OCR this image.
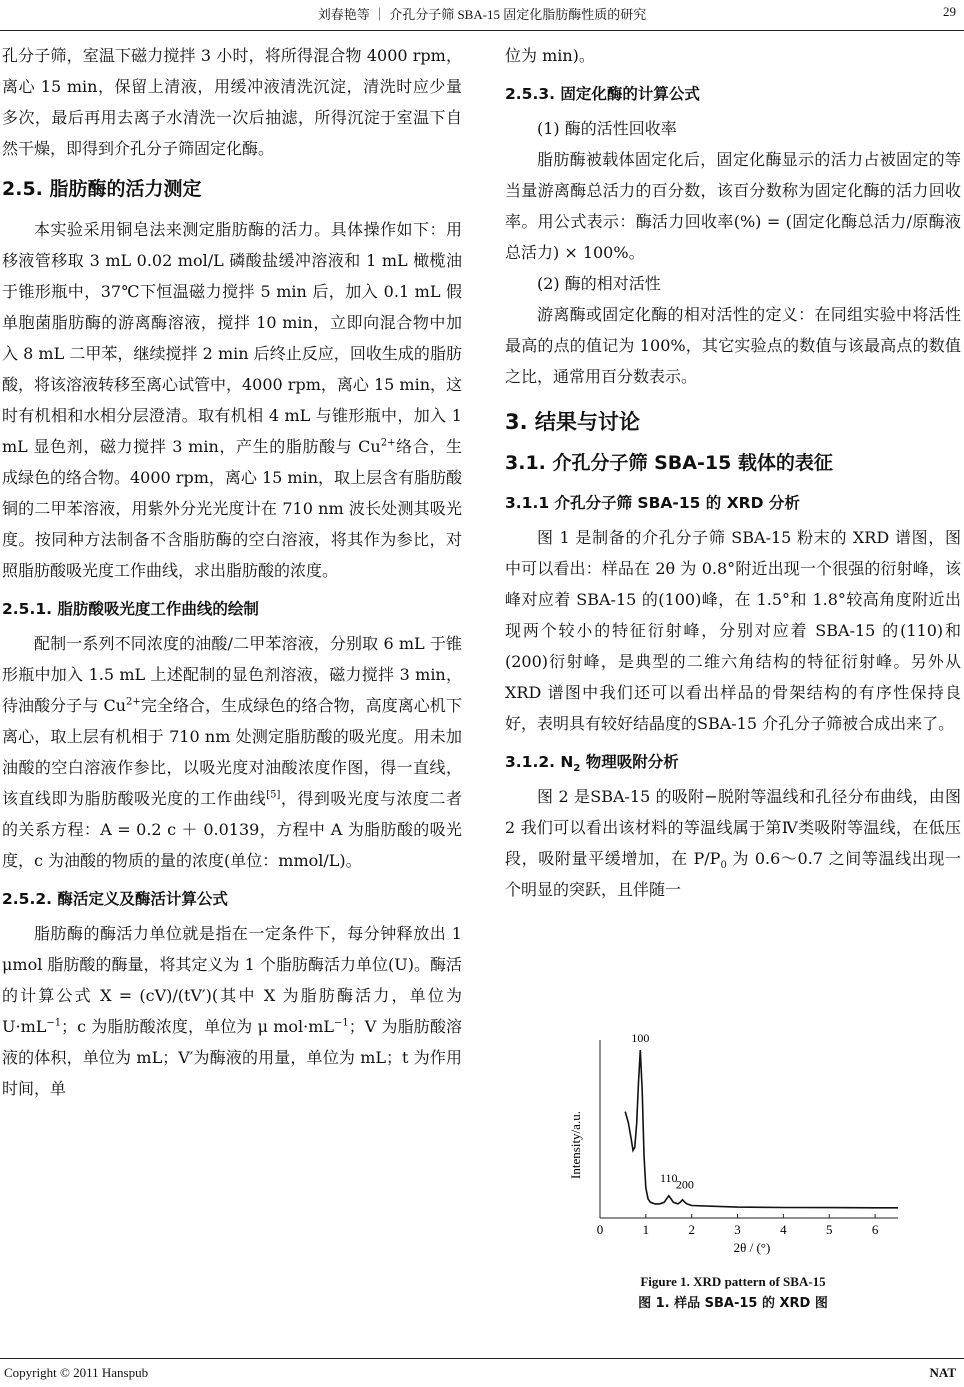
刘春艳等 ｜ 介孔分子筛 SBA-15 固定化脂肪酶性质的研究	29

孔分子筛，室温下磁力搅拌 3 小时，将所得混合物 4000 rpm，离心 15 min，保留上清液，用缓冲液清洗沉淀，清洗时应少量多次，最后再用去离子水清洗一次后抽滤，所得沉淀于室温下自然干燥，即得到介孔分子筛固定化酶。

2.5. 脂肪酶的活力测定

本实验采用铜皂法来测定脂肪酶的活力。具体操作如下：用移液管移取 3 mL 0.02 mol/L 磷酸盐缓冲溶液和 1 mL 橄榄油于锥形瓶中，37℃下恒温磁力搅拌 5 min 后，加入 0.1 mL 假单胞菌脂肪酶的游离酶溶液，搅拌 10 min，立即向混合物中加入 8 mL 二甲苯，继续搅拌 2 min 后终止反应，回收生成的脂肪酸，将该溶液转移至离心试管中，4000 rpm，离心 15 min，这时有机相和水相分层澄清。取有机相 4 mL 与锥形瓶中，加入 1 mL 显色剂，磁力搅拌 3 min，产生的脂肪酸与 $Cu^{2+}$络合，生成绿色的络合物。4000 rpm，离心 15 min，取上层含有脂肪酸铜的二甲苯溶液，用紫外分光光度计在 710 nm 波长处测其吸光度。按同种方法制备不含脂肪酶的空白溶液，将其作为参比，对照脂肪酸吸光度工作曲线，求出脂肪酸的浓度。

2.5.1. 脂肪酸吸光度工作曲线的绘制

配制一系列不同浓度的油酸/二甲苯溶液，分别取 6 mL 于锥形瓶中加入 1.5 mL 上述配制的显色剂溶液，磁力搅拌 3 min，待油酸分子与 $Cu^{2+}$完全络合，生成绿色的络合物，高度离心机下离心，取上层有机相于 710 nm 处测定脂肪酸的吸光度。用未加油酸的空白溶液作参比，以吸光度对油酸浓度作图，得一直线，该直线即为脂肪酸吸光度的工作曲线[5]，得到吸光度与浓度二者的关系方程：A = 0.2 c ＋ 0.0139，方程中 A 为脂肪酸的吸光度，c 为油酸的物质的量的浓度(单位：mmol/L)。

2.5.2. 酶活定义及酶活计算公式

脂肪酶的酶活力单位就是指在一定条件下，每分钟释放出 1 μmol 脂肪酸的酶量，将其定义为 1 个脂肪酶活力单位(U)。酶活的计算公式 X = (cV)/(tV′)(其中 X 为脂肪酶活力，单位为 $U\cdot mL^{-1}$；c 为脂肪酸浓度，单位为 μ $mol\cdot mL^{-1}$；V 为脂肪酸溶液的体积，单位为 mL；V′为酶液的用量，单位为 mL；t 为作用时间，单

位为 min)。

2.5.3. 固定化酶的计算公式

(1) 酶的活性回收率

脂肪酶被载体固定化后，固定化酶显示的活力占被固定的等当量游离酶总活力的百分数，该百分数称为固定化酶的活力回收率。用公式表示：酶活力回收率(%) = (固定化酶总活力/原酶液总活力) × 100%。

(2) 酶的相对活性

游离酶或固定化酶的相对活性的定义：在同组实验中将活性最高的点的值记为 100%，其它实验点的数值与该最高点的数值之比，通常用百分数表示。

3. 结果与讨论
3.1. 介孔分子筛 SBA-15 载体的表征
3.1.1 介孔分子筛 SBA-15 的 XRD 分析

图 1 是制备的介孔分子筛 SBA-15 粉末的 XRD 谱图，图中可以看出：样品在 2θ 为 0.8°附近出现一个很强的衍射峰，该峰对应着 SBA-15 的(100)峰，在 1.5°和 1.8°较高角度附近出现两个较小的特征衍射峰，分别对应着 SBA-15 的(110)和(200)衍射峰，是典型的二维六角结构的特征衍射峰。另外从 XRD 谱图中我们还可以看出样品的骨架结构的有序性保持良好，表明具有较好结晶度的SBA-15 介孔分子筛被合成出来了。

3.1.2. $N_2$ 物理吸附分析

图 2 是SBA-15 的吸附−脱附等温线和孔径分布曲线，由图 2 我们可以看出该材料的等温线属于第Ⅳ类吸附等温线，在低压段，吸附量平缓增加，在 $P/P_0$ 为 0.6～0.7 之间等温线出现一个明显的突跃，且伴随一

0	1	2	3	4	5	6
100
110
200
Intensity/a.u.
2θ / (°)
Figure 1. XRD pattern of SBA-15
图 1. 样品 SBA-15 的 XRD 图
Copyright © 2011 Hanspub	NAT
